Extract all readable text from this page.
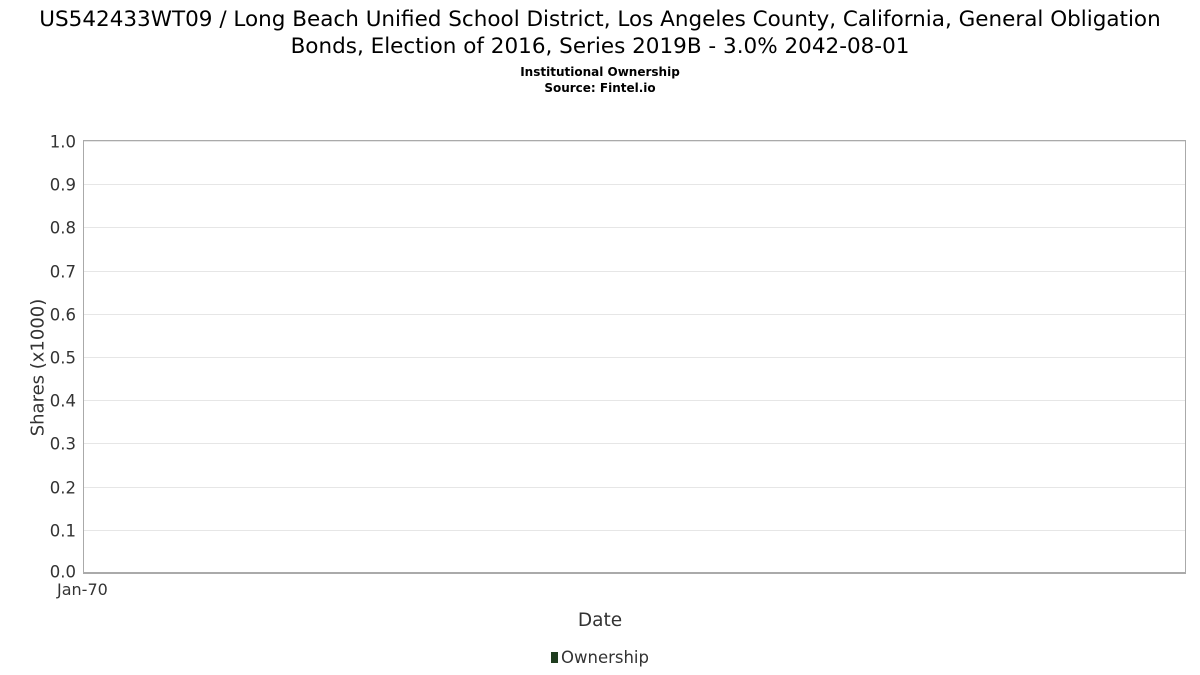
US542433WT09 / Long Beach Unified School District, Los Angeles County, California, General Obligation Bonds, Election of 2016, Series 2019B - 3.0% 2042-08-01
Institutional Ownership
Source: Fintel.io
1.0
0.9
0.8
0.7
0.6
0.5
0.4
0.3
0.2
0.1
0.0
Shares (x1000)
Jan-70
Date
Ownership
